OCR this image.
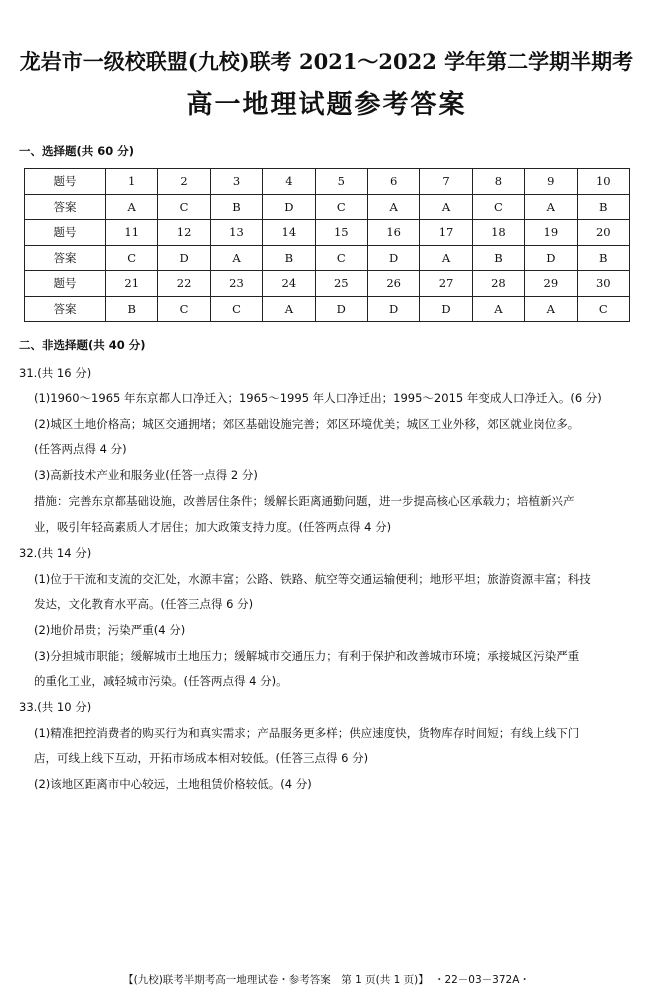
龙岩市一级校联盟(九校)联考 2021～2022 学年第二学期半期考
高一地理试题参考答案
一、选择题(共 60 分)
题号	1	2	3	4	5	6	7	8	9	10
答案	A	C	B	D	C	A	A	C	A	B
题号	11	12	13	14	15	16	17	18	19	20
答案	C	D	A	B	C	D	A	B	D	B
题号	21	22	23	24	25	26	27	28	29	30
答案	B	C	C	A	D	D	D	A	A	C
二、非选择题(共 40 分)
31.(共 16 分)
(1)1960～1965 年东京都人口净迁入；1965～1995 年人口净迁出；1995～2015 年变成人口净迁入。(6 分)
(2)城区土地价格高；城区交通拥堵；郊区基础设施完善；郊区环境优美；城区工业外移，郊区就业岗位多。
(任答两点得 4 分)
(3)高新技术产业和服务业(任答一点得 2 分)
措施：完善东京都基础设施，改善居住条件；缓解长距离通勤问题，进一步提高核心区承载力；培植新兴产
业，吸引年轻高素质人才居住；加大政策支持力度。(任答两点得 4 分)
32.(共 14 分)
(1)位于干流和支流的交汇处，水源丰富；公路、铁路、航空等交通运输便利；地形平坦；旅游资源丰富；科技
发达，文化教育水平高。(任答三点得 6 分)
(2)地价昂贵；污染严重(4 分)
(3)分担城市职能；缓解城市土地压力；缓解城市交通压力；有利于保护和改善城市环境；承接城区污染严重
的重化工业，减轻城市污染。(任答两点得 4 分)。
33.(共 10 分)
(1)精准把控消费者的购买行为和真实需求；产品服务更多样；供应速度快，货物库存时间短；有线上线下门
店，可线上线下互动，开拓市场成本相对较低。(任答三点得 6 分)
(2)该地区距离市中心较远，土地租赁价格较低。(4 分)
【(九校)联考半期考高一地理试卷・参考答案　第 1 页(共 1 页)】　・22－03－372A・
